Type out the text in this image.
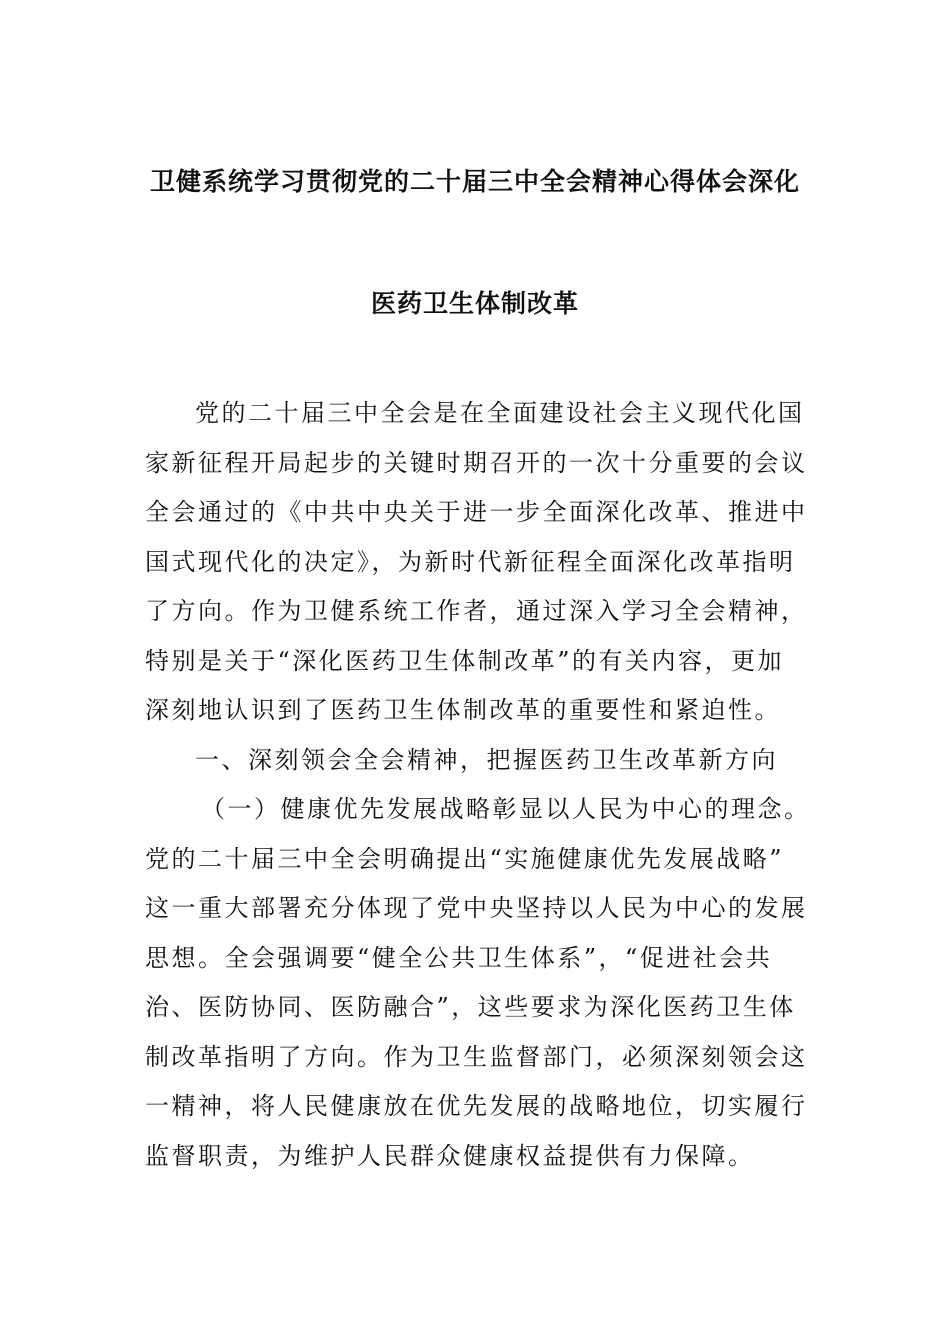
卫健系统学习贯彻党的二十届三中全会精神心得体会深化
医药卫生体制改革
党的二十届三中全会是在全面建设社会主义现代化国
家新征程开局起步的关键时期召开的一次十分重要的会议
全会通过的《中共中央关于进一步全面深化改革、推进中
国式现代化的决定》，为新时代新征程全面深化改革指明
了方向。作为卫健系统工作者，通过深入学习全会精神，
特别是关于“深化医药卫生体制改革”的有关内容，更加
深刻地认识到了医药卫生体制改革的重要性和紧迫性。
一、深刻领会全会精神，把握医药卫生改革新方向
（一）健康优先发展战略彰显以人民为中心的理念。
党的二十届三中全会明确提出“实施健康优先发展战略”
这一重大部署充分体现了党中央坚持以人民为中心的发展
思想。全会强调要“健全公共卫生体系”，“促进社会共
治、医防协同、医防融合”，这些要求为深化医药卫生体
制改革指明了方向。作为卫生监督部门，必须深刻领会这
一精神，将人民健康放在优先发展的战略地位，切实履行
监督职责，为维护人民群众健康权益提供有力保障。
